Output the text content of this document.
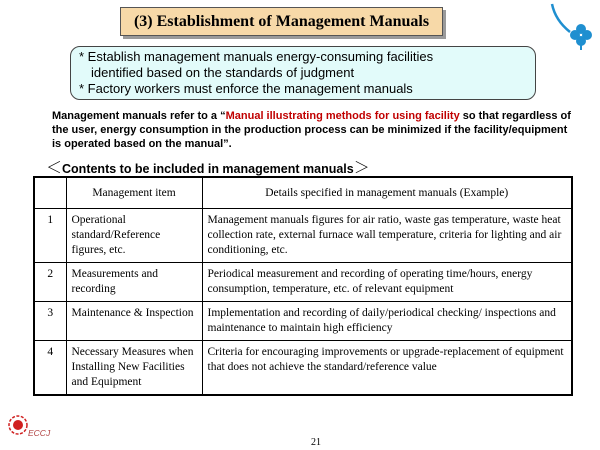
(3) Establishment of Management Manuals

* Establish management manuals energy-consuming facilities

identified based on the standards of judgment

* Factory workers must enforce the management manuals

Management manuals refer to a “Manual illustrating methods for using facility so that regardless of the user, energy consumption in the production process can be minimized if the facility/equipment is operated based on the manual”.
＜Contents to be included in management manuals＞
	Management item	Details specified in management manuals (Example)
1	Operational standard/Reference figures, etc.	Management manuals figures for air ratio, waste gas temperature, waste heat collection rate, external furnace wall temperature, criteria for lighting and air conditioning, etc.
2	Measurements and recording	Periodical measurement and recording of operating time/hours, energy consumption, temperature, etc. of relevant equipment
3	Maintenance & Inspection	Implementation and recording of daily/periodical checking/ inspections and maintenance to maintain high efficiency
4	Necessary Measures when Installing New Facilities and Equipment	Criteria for encouraging improvements or upgrade-replacement of equipment that does not achieve the standard/reference value
ECCJ
21
